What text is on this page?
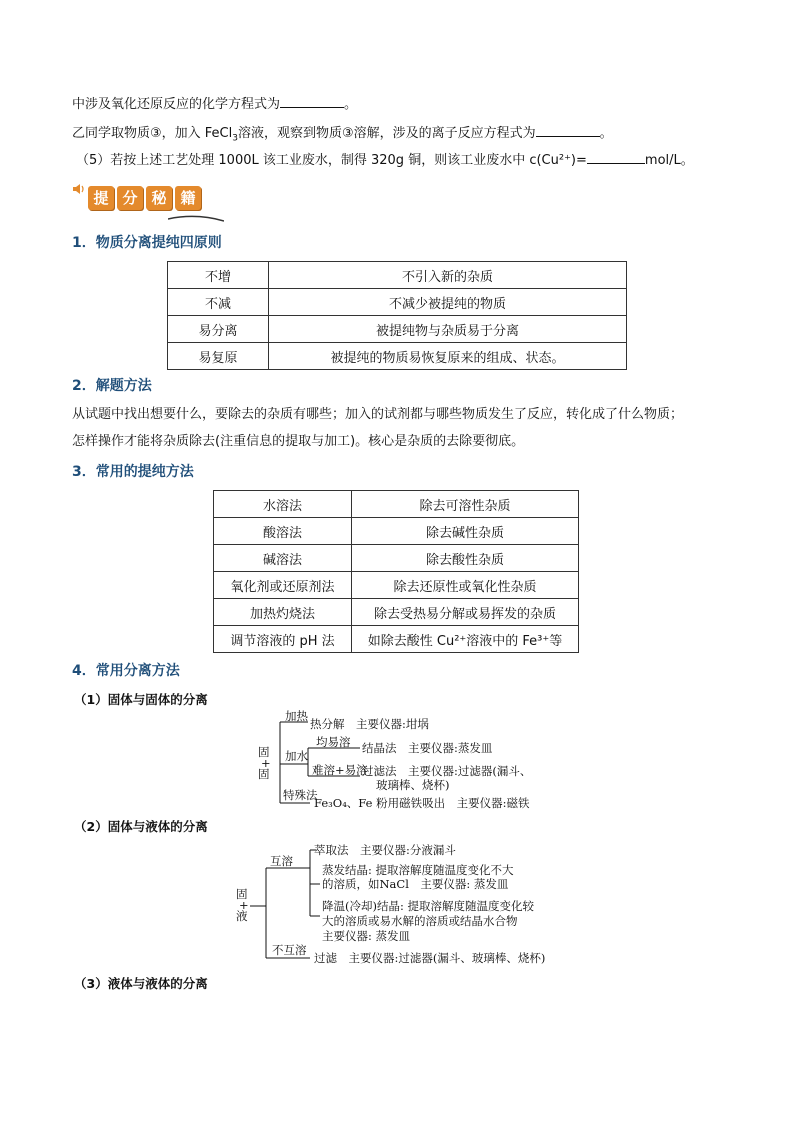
中涉及氧化还原反应的化学方程式为	。
乙同学取物质③，加入 FeCl$_3$溶液，观察到物质③溶解，涉及的离子反应方程式为	。
（5）若按上述工艺处理 1000L 该工业废水，制得 320g 铜，则该工业废水中 c(Cu²⁺)=	mol/L。
提 分 秘 籍
1．物质分离提纯四原则
不增	不引入新的杂质
不减	不减少被提纯的物质
易分离	被提纯物与杂质易于分离
易复原	被提纯的物质易恢复原来的组成、状态。
2．解题方法
从试题中找出想要什么，要除去的杂质有哪些；加入的试剂都与哪些物质发生了反应，转化成了什么物质；
怎样操作才能将杂质除去(注重信息的提取与加工)。核心是杂质的去除要彻底。
3．常用的提纯方法
水溶法	除去可溶性杂质
酸溶法	除去碱性杂质
碱溶法	除去酸性杂质
氧化剂或还原剂法	除去还原性或氧化性杂质
加热灼烧法	除去受热易分解或易挥发的杂质
调节溶液的 pH 法	如除去酸性 Cu²⁺溶液中的 Fe³⁺等
4．常用分离方法
（1）固体与固体的分离
固
+
固
加热
热分解　主要仪器:坩埚
加水
均易溶 结晶法　主要仪器:蒸发皿
难溶+易溶
过滤法　主要仪器:过滤器(漏斗、
玻璃棒、烧杯)
特殊法
Fe₃O₄、Fe 粉用磁铁吸出　主要仪器:磁铁
（2）固体与液体的分离
固
+
液
互溶
萃取法　主要仪器:分液漏斗
蒸发结晶: 提取溶解度随温度变化不大
的溶质，如NaCl　主要仪器: 蒸发皿
降温(冷却)结晶: 提取溶解度随温度变化较
大的溶质或易水解的溶质或结晶水合物
主要仪器: 蒸发皿
不互溶
过滤　主要仪器:过滤器(漏斗、玻璃棒、烧杯)
（3）液体与液体的分离
